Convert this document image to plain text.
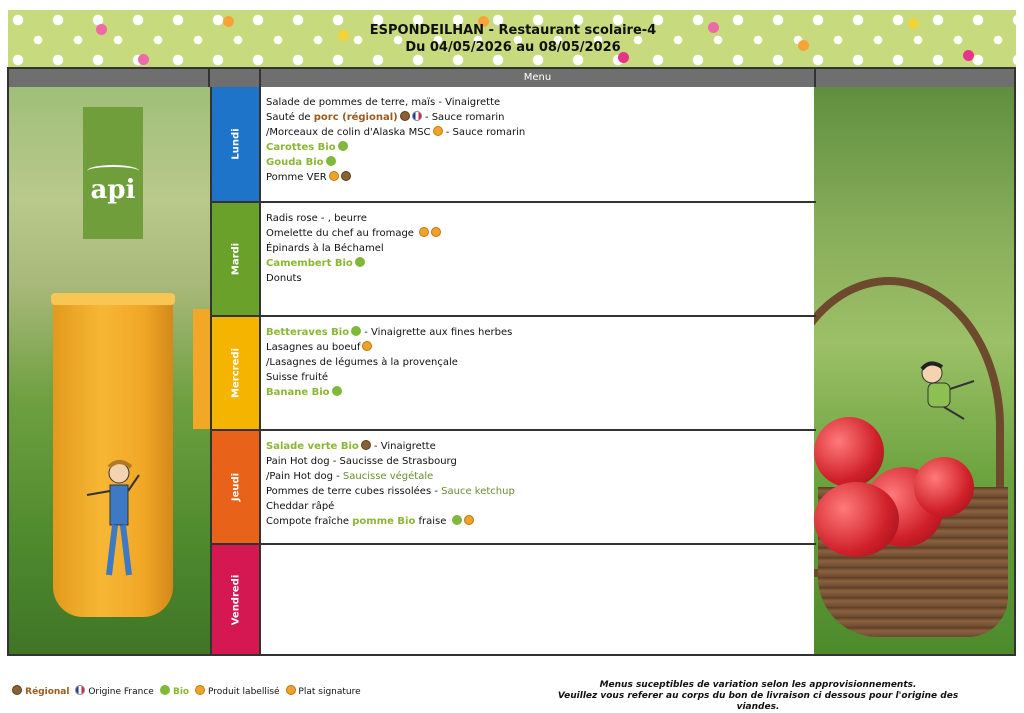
ESPONDEILHAN - Restaurant scolaire-4
Du 04/05/2026 au 08/05/2026
Menu
api
Lundi
Salade de pommes de terre, maïs - Vinaigrette
Sauté de porc (régional) - Sauce romarin
/Morceaux de colin d'Alaska MSC - Sauce romarin
Carottes Bio
Gouda Bio
Pomme VER
Mardi
Radis rose - , beurre
Omelette du chef au fromage
Épinards à la Béchamel
Camembert Bio
Donuts
Mercredi
Betteraves Bio - Vinaigrette aux fines herbes
Lasagnes au boeuf
/Lasagnes de légumes à la provençale
Suisse fruité
Banane Bio
Jeudi
Salade verte Bio - Vinaigrette
Pain Hot dog - Saucisse de Strasbourg
/Pain Hot dog - Saucisse végétale
Pommes de terre cubes rissolées - Sauce ketchup
Cheddar râpé
Compote fraîche pomme Bio fraise
Vendredi
Régional Origine France Bio Produit labellisé Plat signature
Menus suceptibles de variation selon les approvisionnements.
Veuillez vous referer au corps du bon de livraison ci dessous pour l'origine des viandes.
